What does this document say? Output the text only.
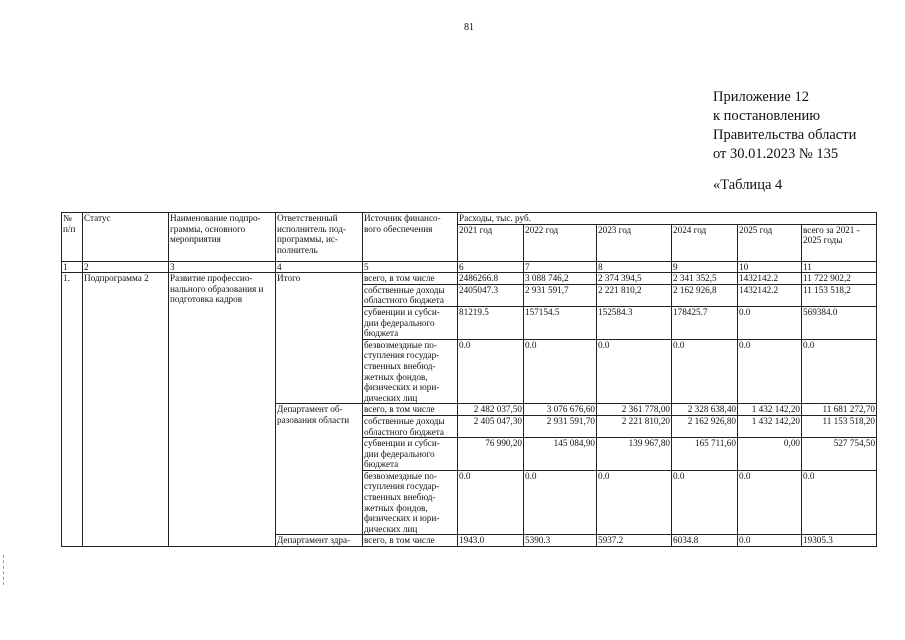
81
Приложение 12
к постановлению
Правительства области
от 30.01.2023 № 135
«Таблица 4
№ п/п	Статус	Наименование подпро- граммы, основного мероприятия	Ответственный исполнитель под- программы, ис- полнитель	Источник финансо- вого обеспечения	Расходы, тыс. руб.					
					2021 год	2022 год	2023 год	2024 год	2025 год	всего за 2021 - 2025 годы
1	2	3	4	5	6	7	8	9	10	11
1.	Подпрограмма 2	Развитие профессио- нального образования и подготовка кадров	Итого	всего, в том числе	2486266.8	3 088 746,2	2 374 394,5	2 341 352,5	1432142.2	11 722 902,2
				собственные доходы областного бюджета	2405047.3	2 931 591,7	2 221 810,2	2 162 926,8	1432142.2	11 153 518,2
				субвенции и субси- дии федерального бюджета	81219.5	157154.5	152584.3	178425.7	0.0	569384.0
				безвозмездные по- ступления государ- ственных внебюд- жетных фондов, физических и юри- дических лиц	0.0	0.0	0.0	0.0	0.0	0.0
			Департамент об- разования области	всего, в том числе	2 482 037,50	3 076 676,60	2 361 778,00	2 328 638,40	1 432 142,20	11 681 272,70
				собственные доходы областного бюджета	2 405 047,30	2 931 591,70	2 221 810,20	2 162 926,80	1 432 142,20	11 153 518,20
				субвенции и субси- дии федерального бюджета	76 990,20	145 084,90	139 967,80	165 711,60	0,00	527 754,50
				безвозмездные по- ступления государ- ственных внебюд- жетных фондов, физических и юри- дических лиц	0.0	0.0	0.0	0.0	0.0	0.0
			Департамент здра-	всего, в том числе	1943.0	5390.3	5937.2	6034.8	0.0	19305.3
